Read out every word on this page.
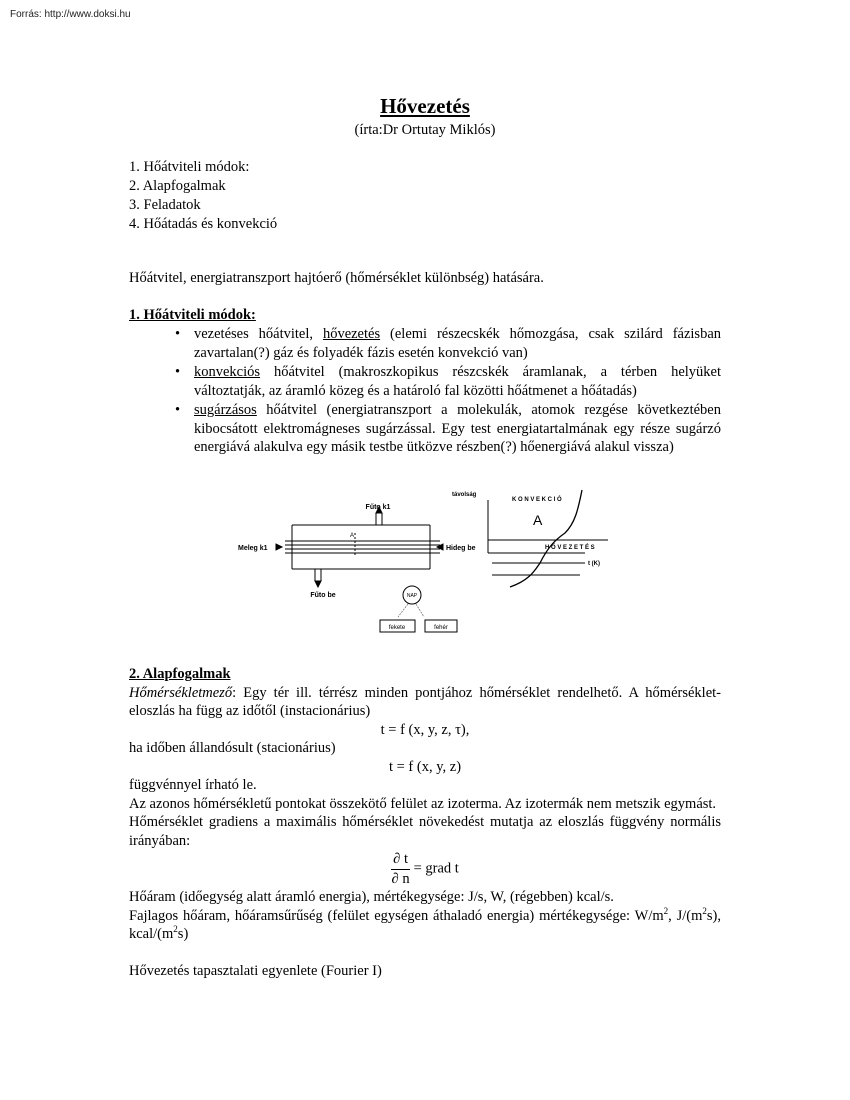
Forrás: http://www.doksi.hu
Hővezetés
(írta:Dr Ortutay Miklós)
1. Hőátviteli módok:
2. Alapfogalmak
3. Feladatok
4. Hőátadás és konvekció
Hőátvitel, energiatranszport hajtóerő (hőmérséklet különbség) hatására.
1. Hőátviteli módok:
• vezetéses hőátvitel, hővezetés (elemi részecskék hőmozgása, csak szilárd fázisban zavartalan(?) gáz és folyadék fázis esetén konvekció van)
• konvekciós hőátvitel (makroszkopikus részcskék áramlanak, a térben helyüket változtatják, az áramló közeg és a határoló fal közötti hőátmenet a hőátadás)
• sugárzásos hőátvitel (energiatranszport a molekulák, atomok rezgése következtében kibocsátott elektromágneses sugárzással. Egy test energiatartalmának egy része sugárzó energiává alakulva egy másik testbe ütközve részben(?) hőenergiává alakul vissza)
Fűto k1
Meleg k1	Hideg be
Fűto be
A
NAP
fekete	fehér
távolság
K O N V E K C I Ó
A
H Ő V E Z E T É S
t (K)
2. Alapfogalmak
Hőmérsékletmező: Egy tér ill. térrész minden pontjához hőmérséklet rendelhető. A hőmérséklet-eloszlás ha függ az időtől (instacionárius)
t = f (x, y, z, τ),
ha időben állandósult (stacionárius)
t = f (x, y, z)
függvénnyel írható le.
Az azonos hőmérsékletű pontokat összekötő felület az izoterma. Az izotermák nem metszik egymást.
Hőmérséklet gradiens a maximális hőmérséklet növekedést mutatja az eloszlás függvény normális irányában:
$\frac{\partial t}{\partial n}$ = grad t
Hőáram (időegység alatt áramló energia), mértékegysége: J/s, W, (régebben) kcal/s.
Fajlagos hőáram, hőáramsűrűség (felület egységen áthaladó energia) mértékegysége: $W/m^2$, $J/(m^2s)$, kcal/$(m^2s)$
Hővezetés tapasztalati egyenlete (Fourier I)
